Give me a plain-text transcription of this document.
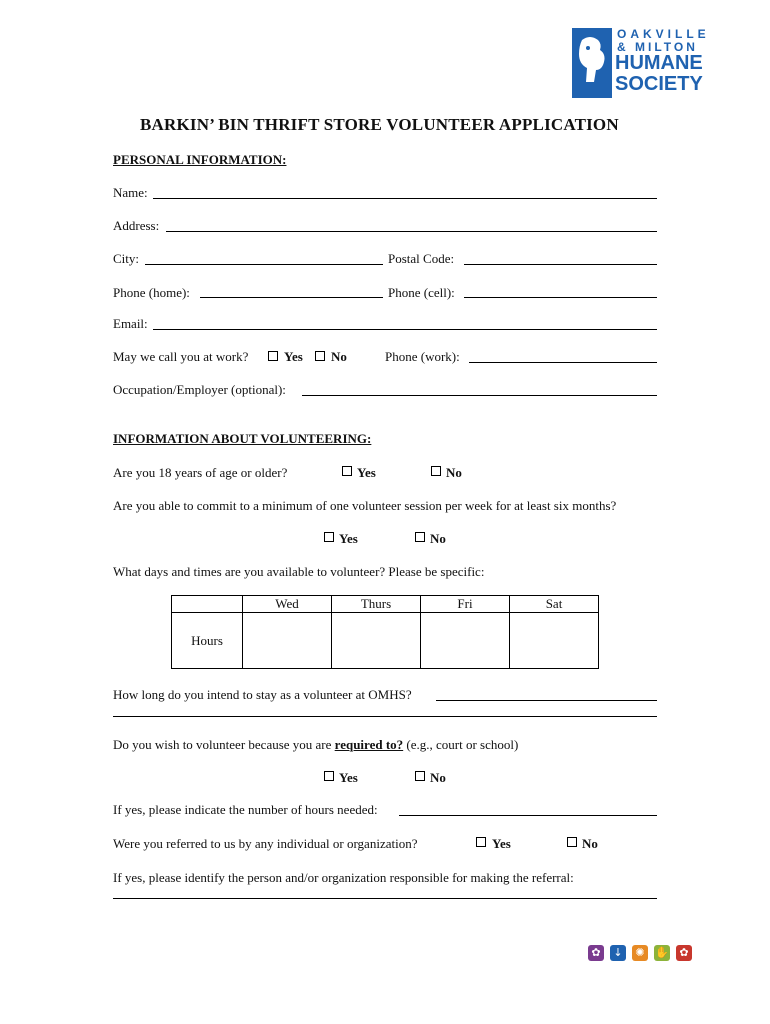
OAKVILLE
& MILTON
HUMANE
SOCIETY
BARKIN’ BIN THRIFT STORE VOLUNTEER APPLICATION
PERSONAL INFORMATION:
Name:
Address:
City:	Postal Code:
Phone (home):	Phone (cell):
Email:
May we call you at work?	Yes No	Phone (work):
Occupation/Employer (optional):
INFORMATION ABOUT VOLUNTEERING:
Are you 18 years of age or older?	Yes	No
Are you able to commit to a minimum of one volunteer session per week for at least six months?
Yes	No
What days and times are you available to volunteer? Please be specific:
	Wed	Thurs	Fri	Sat
Hours				
How long do you intend to stay as a volunteer at OMHS?
Do you wish to volunteer because you are required to? (e.g., court or school)
Yes	No
If yes, please indicate the number of hours needed:
Were you referred to us by any individual or organization?	Yes	No
If yes, please identify the person and/or organization responsible for making the referral:
✿	↓	✺ ✋ ✿
